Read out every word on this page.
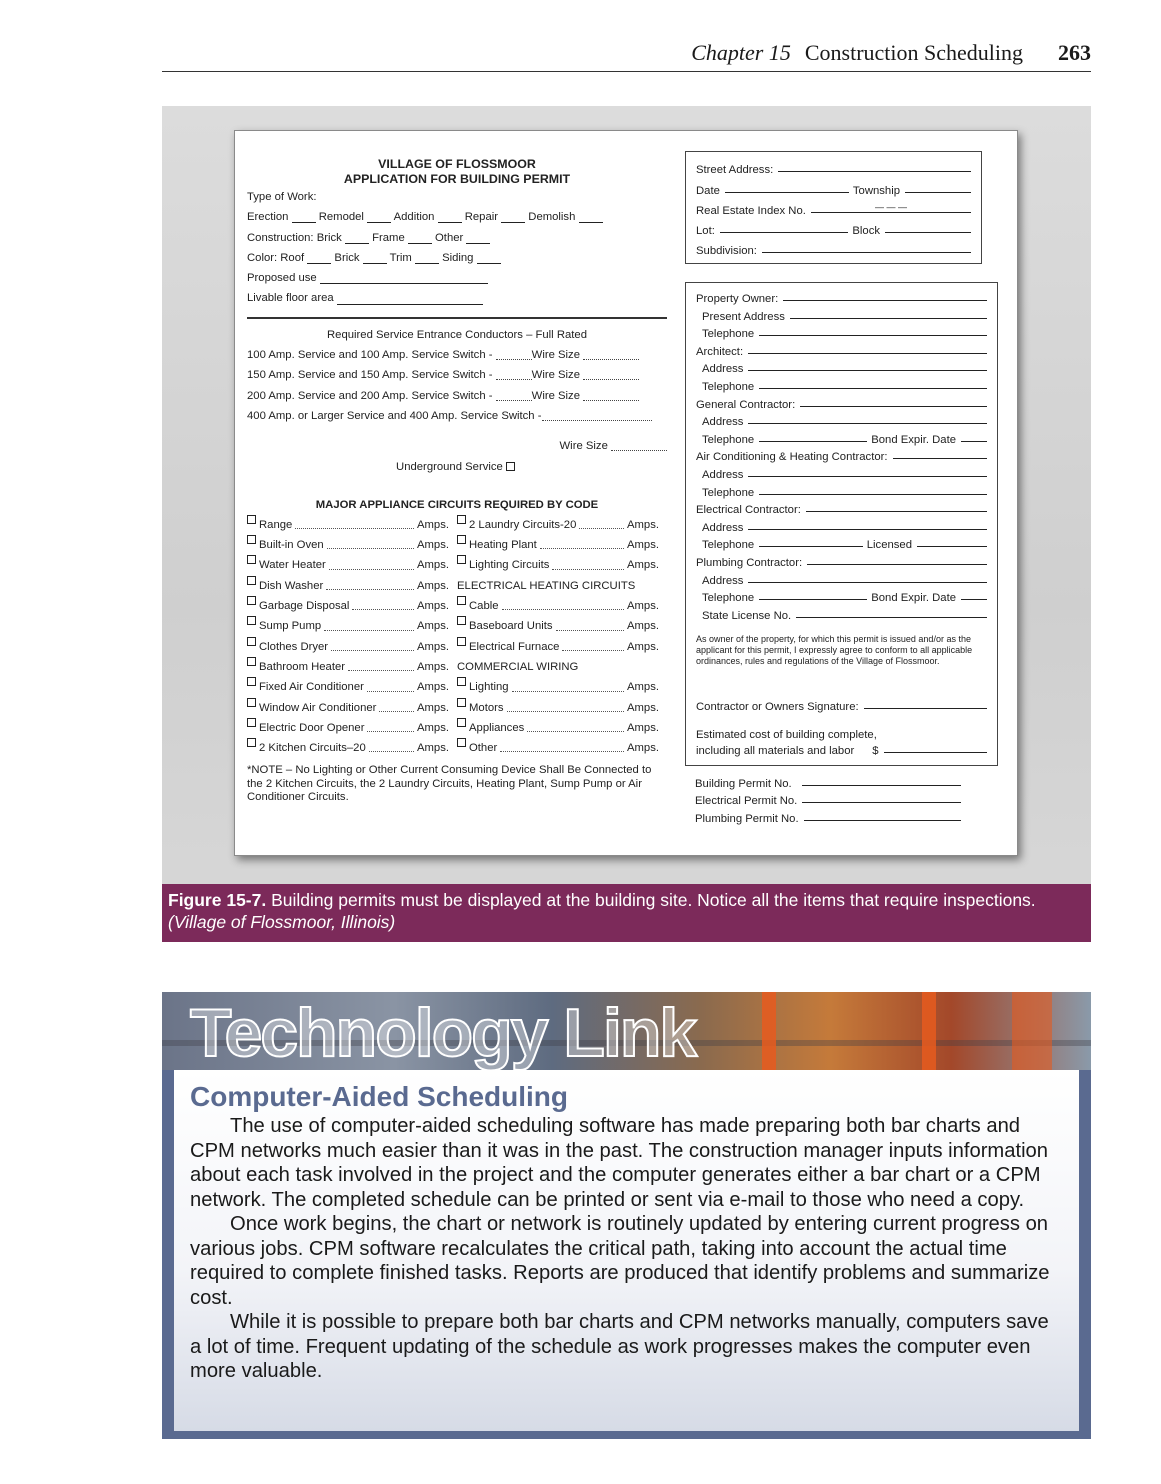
Chapter 15 Construction Scheduling 263
VILLAGE OF FLOSSMOOR
APPLICATION FOR BUILDING PERMIT
Type of Work:
Erection	Remodel	Addition	Repair	Demolish
Construction: Brick	Frame	Other
Color: Roof	Brick	Trim	Siding
Proposed use
Livable floor area
Required Service Entrance Conductors – Full Rated
100 Amp. Service and 100 Amp. Service Switch -	Wire Size
150 Amp. Service and 150 Amp. Service Switch -	Wire Size
200 Amp. Service and 200 Amp. Service Switch -	Wire Size
400 Amp. or Larger Service and 400 Amp. Service Switch -
Wire Size
Underground Service
MAJOR APPLIANCE CIRCUITS REQUIRED BY CODE
Range	Amps.
Built-in Oven	Amps.
Water Heater	Amps.
Dish Washer	Amps.
Garbage Disposal	Amps.
Sump Pump	Amps.
Clothes Dryer	Amps.
Bathroom Heater	Amps.
Fixed Air Conditioner	Amps.
Window Air Conditioner	Amps.
Electric Door Opener	Amps.
2 Kitchen Circuits–20	Amps.
2 Laundry Circuits-20	Amps.
Heating Plant	Amps.
Lighting Circuits	Amps.
ELECTRICAL HEATING CIRCUITS
Cable	Amps.
Baseboard Units	Amps.
Electrical Furnace	Amps.
COMMERCIAL WIRING
Lighting	Amps.
Motors	Amps.
Appliances	Amps.
Other	Amps.
*NOTE – No Lighting or Other Current Consuming Device Shall Be Connected to the 2 Kitchen Circuits, the 2 Laundry Circuits, Heating Plant, Sump Pump or Air Conditioner Circuits.
Street Address:
Date	Township
Real Estate Index No.	— — —
Lot:	Block
Subdivision:
Property Owner:
Present Address
Telephone
Architect:
Address
Telephone
General Contractor:
Address
Telephone	Bond Expir. Date
Air Conditioning & Heating Contractor:
Address
Telephone
Electrical Contractor:
Address
Telephone	Licensed
Plumbing Contractor:
Address
Telephone	Bond Expir. Date
State License No.
As owner of the property, for which this permit is issued and/or as the applicant for this permit, I expressly agree to conform to all applicable ordinances, rules and regulations of the Village of Flossmoor.
Contractor or Owners Signature:
Estimated cost of building complete,
including all materials and labor $
Building Permit No.
Electrical Permit No.
Plumbing Permit No.
Figure 15-7. Building permits must be displayed at the building site. Notice all the items that require inspections. (Village of Flossmoor, Illinois)
Technology Link
Computer-Aided Scheduling

The use of computer-aided scheduling software has made preparing both bar charts and CPM networks much easier than it was in the past. The construction manager inputs information about each task involved in the project and the computer generates either a bar chart or a CPM network. The completed schedule can be printed or sent via e-mail to those who need a copy.

Once work begins, the chart or network is routinely updated by entering current progress on various jobs. CPM software recalculates the critical path, taking into account the actual time required to complete finished tasks. Reports are produced that identify problems and summarize cost.

While it is possible to prepare both bar charts and CPM networks manually, computers save a lot of time. Frequent updating of the schedule as work progresses makes the computer even more valuable.
